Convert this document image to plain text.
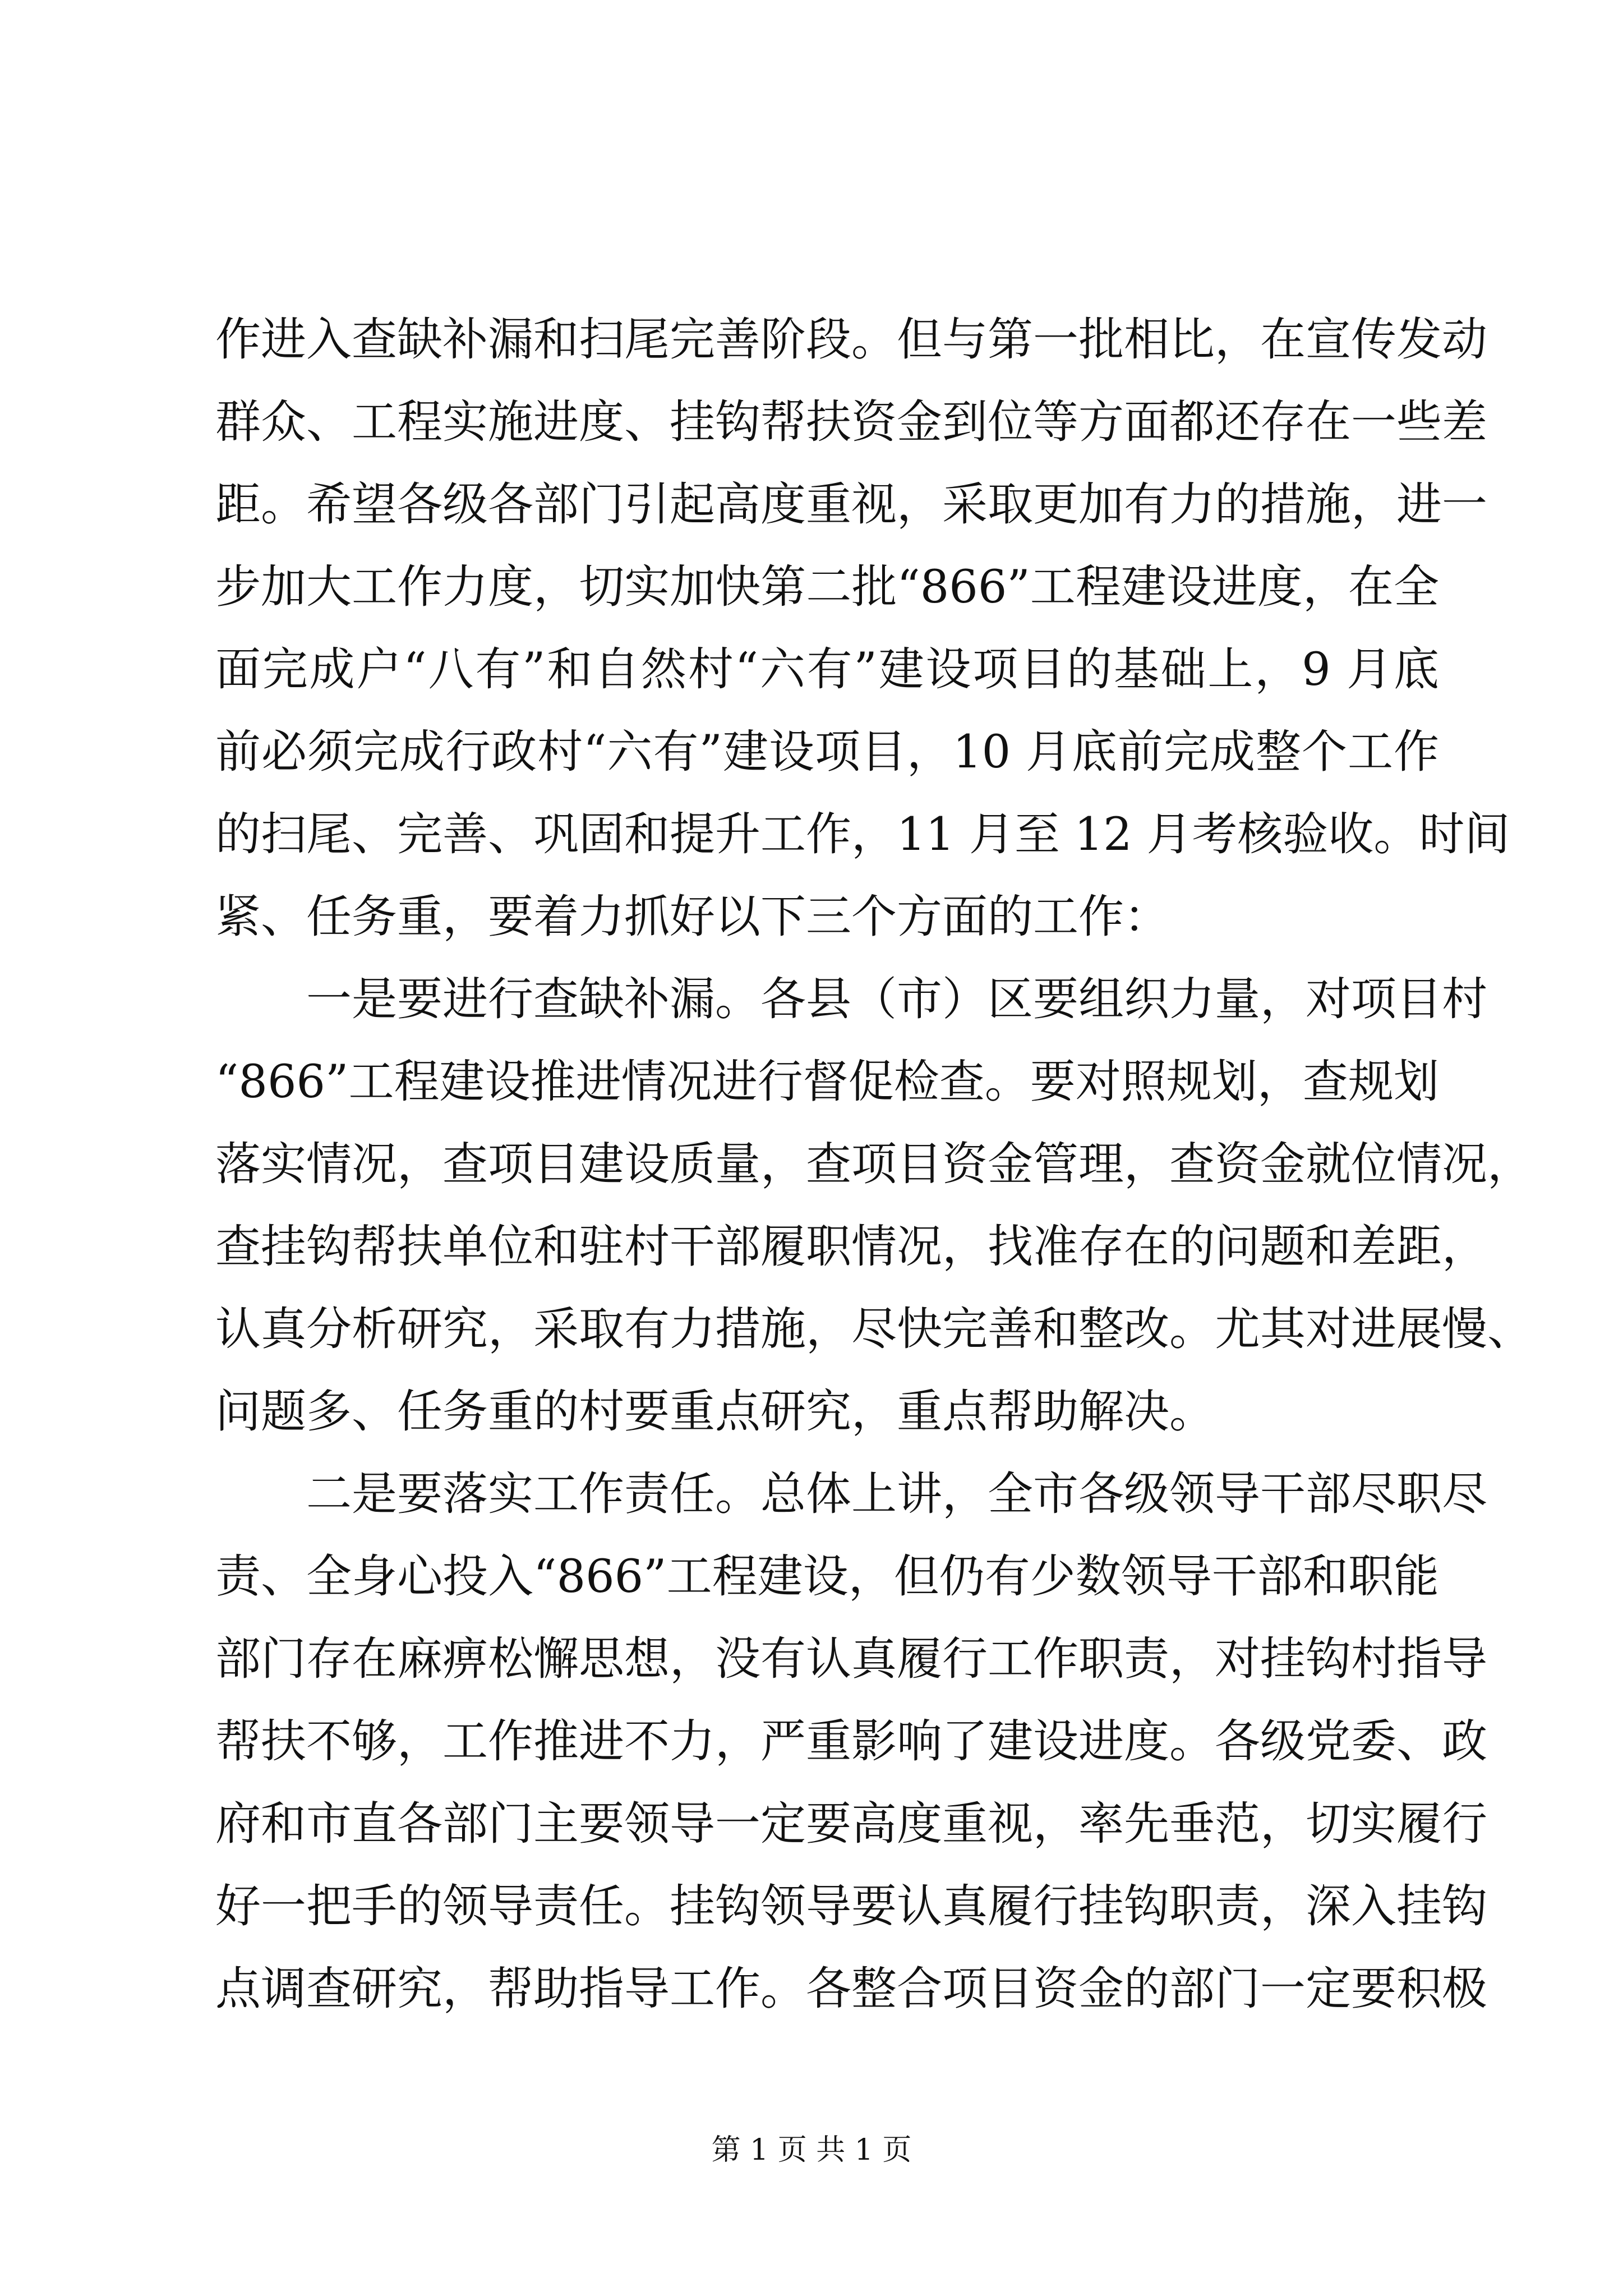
作进入查缺补漏和扫尾完善阶段。但与第一批相比，在宣传发动
群众、工程实施进度、挂钩帮扶资金到位等方面都还存在一些差
距。希望各级各部门引起高度重视，采取更加有力的措施，进一
步加大工作力度，切实加快第二批“866”工程建设进度，在全
面完成户“八有”和自然村“六有”建设项目的基础上，9 月底
前必须完成行政村“六有”建设项目，10 月底前完成整个工作
的扫尾、完善、巩固和提升工作，11 月至 12 月考核验收。时间
紧、任务重，要着力抓好以下三个方面的工作：
　　一是要进行查缺补漏。各县（市）区要组织力量，对项目村
“866”工程建设推进情况进行督促检查。要对照规划，查规划
落实情况，查项目建设质量，查项目资金管理，查资金就位情况，
查挂钩帮扶单位和驻村干部履职情况，找准存在的问题和差距，
认真分析研究，采取有力措施，尽快完善和整改。尤其对进展慢、
问题多、任务重的村要重点研究，重点帮助解决。
　　二是要落实工作责任。总体上讲，全市各级领导干部尽职尽
责、全身心投入“866”工程建设，但仍有少数领导干部和职能
部门存在麻痹松懈思想，没有认真履行工作职责，对挂钩村指导
帮扶不够，工作推进不力，严重影响了建设进度。各级党委、政
府和市直各部门主要领导一定要高度重视，率先垂范，切实履行
好一把手的领导责任。挂钩领导要认真履行挂钩职责，深入挂钩
点调查研究，帮助指导工作。各整合项目资金的部门一定要积极
第 1 页 共 1 页
